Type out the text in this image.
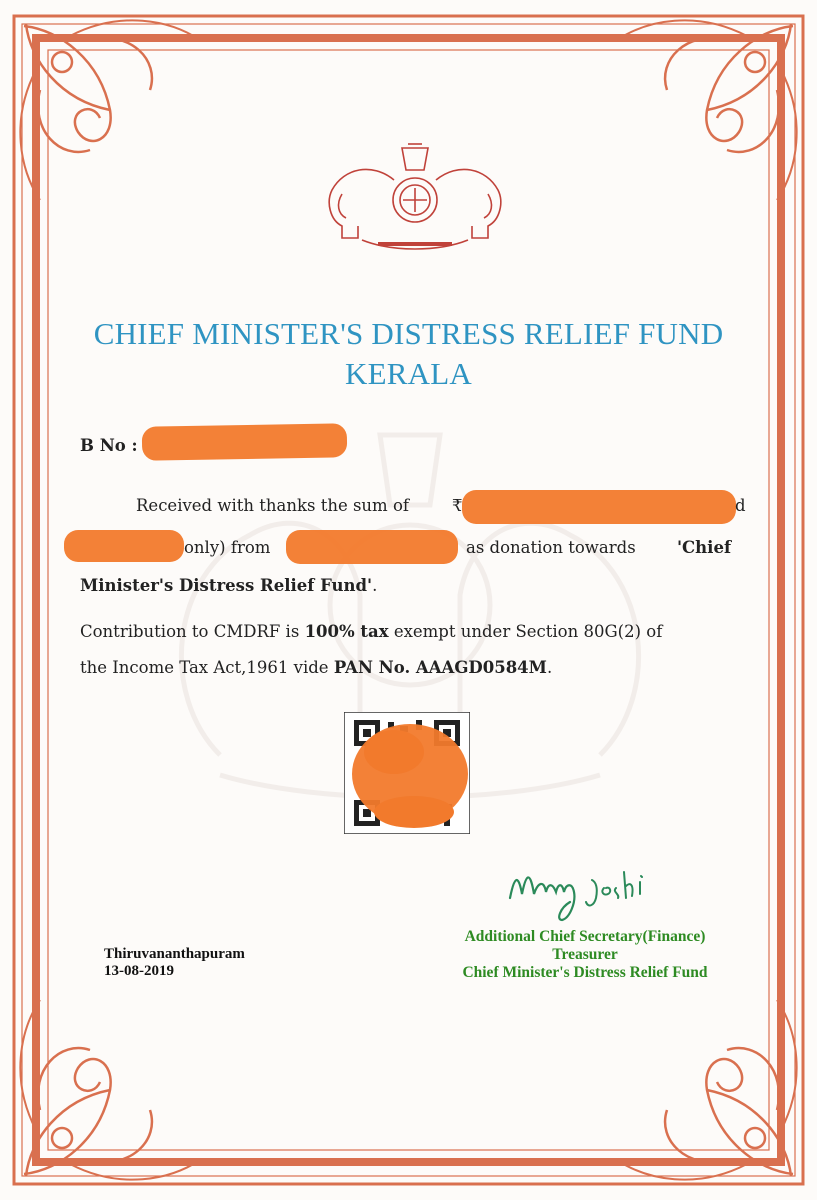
CHIEF MINISTER'S DISTRESS RELIEF FUND
KERALA
B No :
Received with thanks the sum of	₹	d
only) from	as donation towards	'Chief
Minister's Distress Relief Fund'.
Contribution to CMDRF is 100% tax exempt under Section 80G(2) of
the Income Tax Act,1961 vide PAN No. AAAGD0584M.
Additional Chief Secretary(Finance)
Treasurer
Chief Minister's Distress Relief Fund
Thiruvananthapuram
13-08-2019
